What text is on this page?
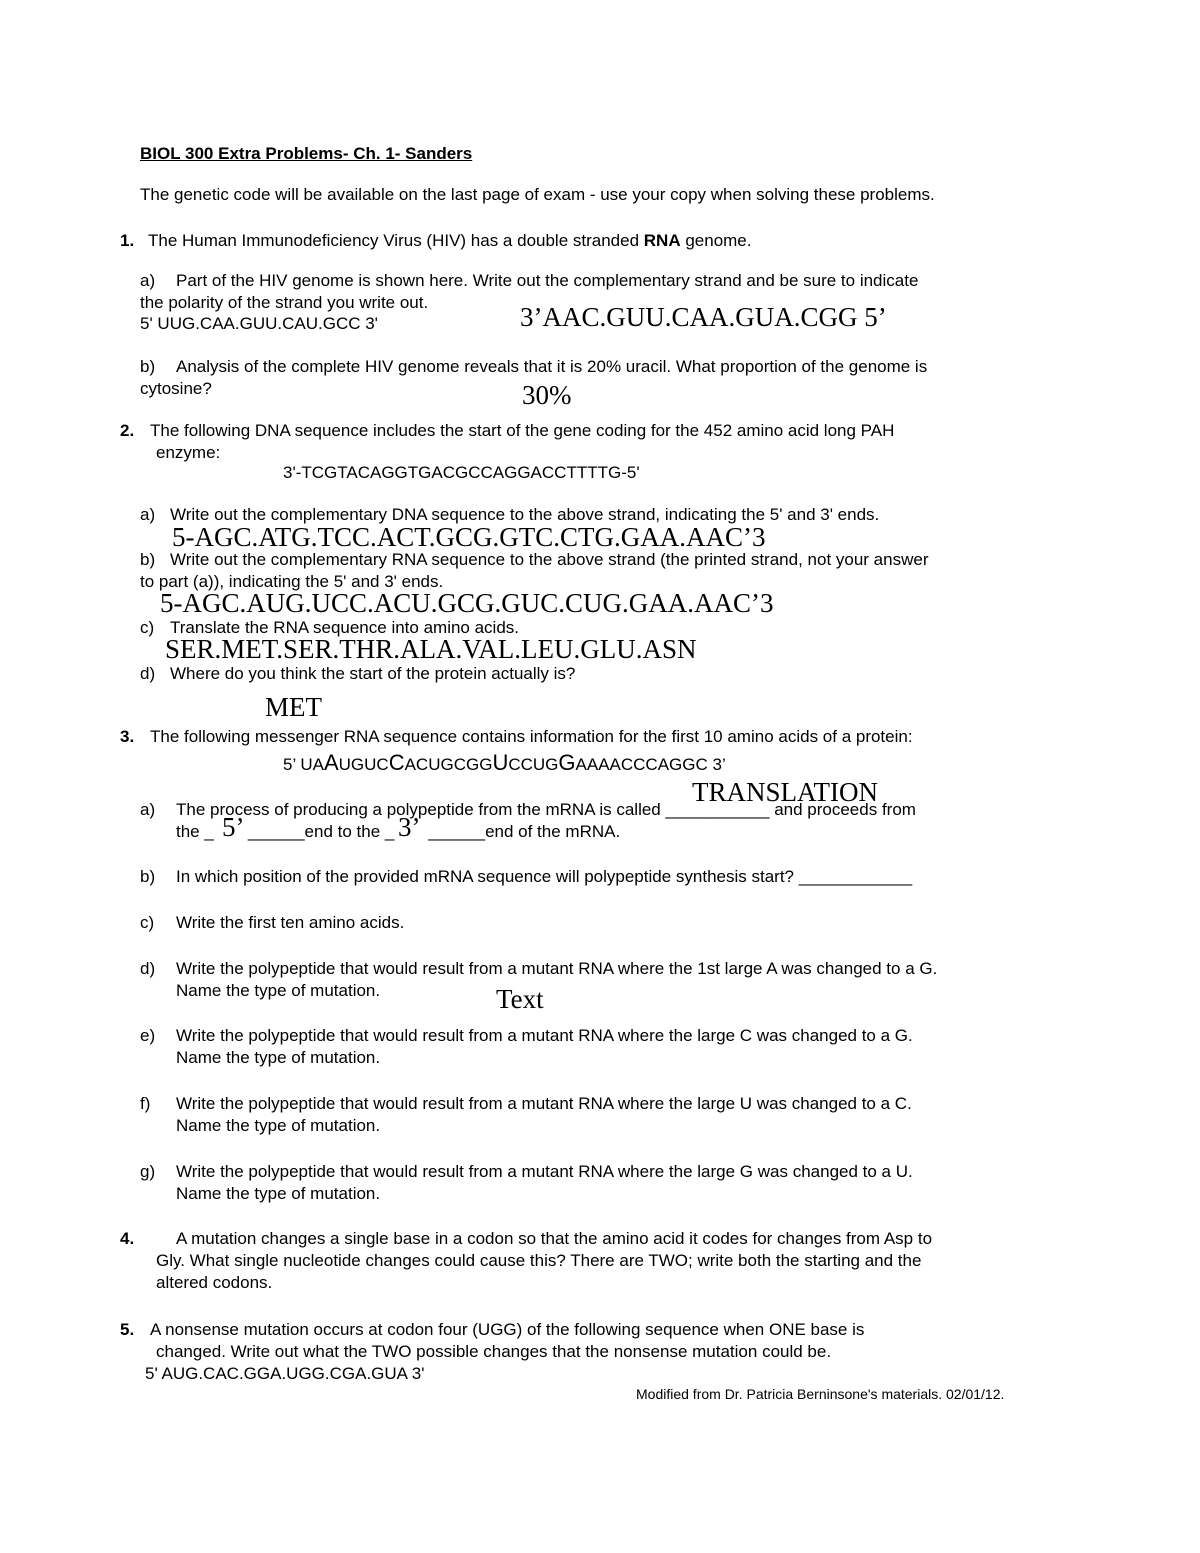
BIOL 300 Extra Problems- Ch. 1- Sanders
The genetic code will be available on the last page of exam - use your copy when solving these problems.
1. The Human Immunodeficiency Virus (HIV) has a double stranded RNA genome.
a) Part of the HIV genome is shown here. Write out the complementary strand and be sure to indicate
the polarity of the strand you write out.
5' UUG.CAA.GUU.CAU.GCC 3'	3’AAC.GUU.CAA.GUA.CGG 5’
b) Analysis of the complete HIV genome reveals that it is 20% uracil. What proportion of the genome is
cytosine?	30%
2. The following DNA sequence includes the start of the gene coding for the 452 amino acid long PAH
enzyme:
3'-TCGTACAGGTGACGCCAGGACCTTTTG-5'
a) Write out the complementary DNA sequence to the above strand, indicating the 5' and 3' ends.
5-AGC.ATG.TCC.ACT.GCG.GTC.CTG.GAA.AAC’3
b) Write out the complementary RNA sequence to the above strand (the printed strand, not your answer
to part (a)), indicating the 5' and 3' ends.
5-AGC.AUG.UCC.ACU.GCG.GUC.CUG.GAA.AAC’3
c) Translate the RNA sequence into amino acids.
SER.MET.SER.THR.ALA.VAL.LEU.GLU.ASN
d) Where do you think the start of the protein actually is?
MET
3. The following messenger RNA sequence contains information for the first 10 amino acids of a protein:
5’ UAAUGUCCACUGCGGUCCUGGAAAACCCAGGC 3’
TRANSLATION
a) The process of producing a polypeptide from the mRNA is called ___________ and proceeds from
the _ ______end to the _ ______end of the mRNA.
5’	3’
b) In which position of the provided mRNA sequence will polypeptide synthesis start? ____________
c) Write the first ten amino acids.
d) Write the polypeptide that would result from a mutant RNA where the 1st large A was changed to a G.
Name the type of mutation.	Text
e) Write the polypeptide that would result from a mutant RNA where the large C was changed to a G.
Name the type of mutation.
f) Write the polypeptide that would result from a mutant RNA where the large U was changed to a C.
Name the type of mutation.
g) Write the polypeptide that would result from a mutant RNA where the large G was changed to a U.
Name the type of mutation.
4. A mutation changes a single base in a codon so that the amino acid it codes for changes from Asp to
Gly. What single nucleotide changes could cause this? There are TWO; write both the starting and the
altered codons.
5. A nonsense mutation occurs at codon four (UGG) of the following sequence when ONE base is
changed. Write out what the TWO possible changes that the nonsense mutation could be.
5' AUG.CAC.GGA.UGG.CGA.GUA 3'
Modified from Dr. Patricia Berninsone's materials. 02/01/12.
